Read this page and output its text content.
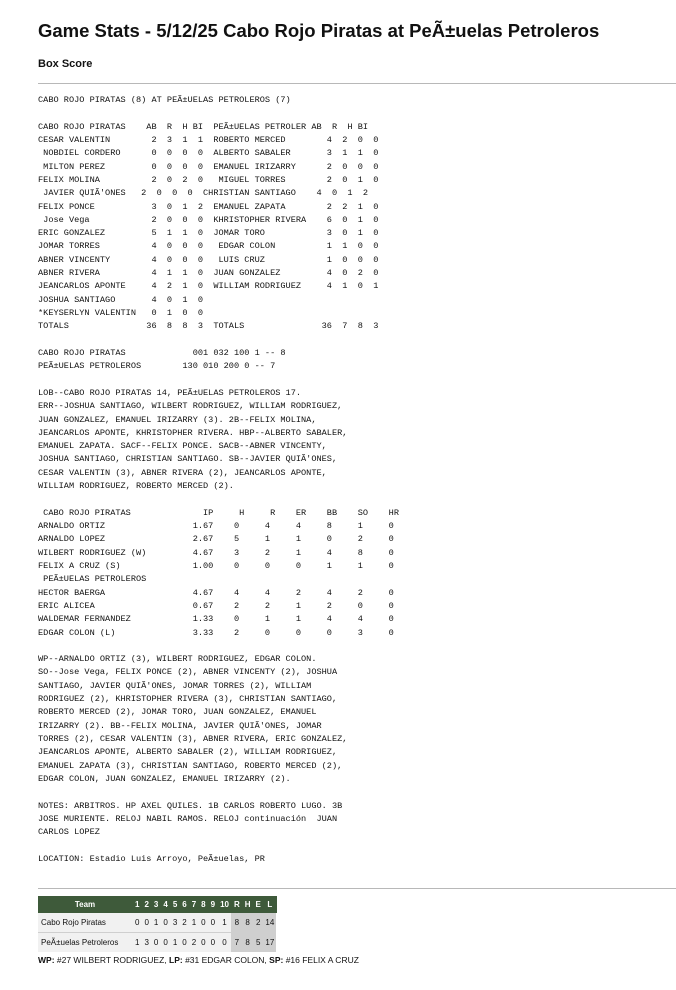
Game Stats - 5/12/25 Cabo Rojo Piratas at PeÃ±uelas Petroleros
Box Score
CABO ROJO PIRATAS (8) AT PEÃ±UELAS PETROLEROS (7)
CABO ROJO PIRATAS    AB  R  H BI  PEÃ±UELAS PETROLER AB  R  H BI
CESAR VALENTIN        2  3  1  1  ROBERTO MERCED        4  2  0  0
NOBDIEL CORDERO      0  0  0  0  ALBERTO SABALER       3  1  1  0
MILTON PEREZ         0  0  0  0  EMANUEL IRIZARRY      2  0  0  0
FELIX MOLINA          2  0  2  0   MIGUEL TORRES        2  0  1  0
JAVIER QUIÃ'ONES   2  0  0  0  CHRISTIAN SANTIAGO    4  0  1  2
FELIX PONCE           3  0  1  2  EMANUEL ZAPATA        2  2  1  0
Jose Vega            2  0  0  0  KHRISTOPHER RIVERA    6  0  1  0
ERIC GONZALEZ         5  1  1  0  JOMAR TORO            3  0  1  0
JOMAR TORRES          4  0  0  0   EDGAR COLON          1  1  0  0
ABNER VINCENTY        4  0  0  0   LUIS CRUZ            1  0  0  0
ABNER RIVERA          4  1  1  0  JUAN GONZALEZ         4  0  2  0
JEANCARLOS APONTE     4  2  1  0  WILLIAM RODRIGUEZ     4  1  0  1
JOSHUA SANTIAGO       4  0  1  0
*KEYSERLYN VALENTIN   0  1  0  0
TOTALS               36  8  8  3  TOTALS               36  7  8  3
CABO ROJO PIRATAS             001 032 100 1 -- 8
PEÃ±UELAS PETROLEROS        130 010 200 0 -- 7
LOB--CABO ROJO PIRATAS 14, PEÃ±UELAS PETROLEROS 17.
ERR--JOSHUA SANTIAGO, WILBERT RODRIGUEZ, WILLIAM RODRIGUEZ,
JUAN GONZALEZ, EMANUEL IRIZARRY (3). 2B--FELIX MOLINA,
JEANCARLOS APONTE, KHRISTOPHER RIVERA. HBP--ALBERTO SABALER,
EMANUEL ZAPATA. SACF--FELIX PONCE. SACB--ABNER VINCENTY,
JOSHUA SANTIAGO, CHRISTIAN SANTIAGO. SB--JAVIER QUIÃ'ONES,
CESAR VALENTIN (3), ABNER RIVERA (2), JEANCARLOS APONTE,
WILLIAM RODRIGUEZ, ROBERTO MERCED (2).
CABO ROJO PIRATAS              IP     H     R    ER    BB    SO    HR
ARNALDO ORTIZ                 1.67    0     4     4     8     1     0
ARNALDO LOPEZ                 2.67    5     1     1     0     2     0
WILBERT RODRIGUEZ (W)         4.67    3     2     1     4     8     0
FELIX A CRUZ (S)              1.00    0     0     0     1     1     0
PEÃ±UELAS PETROLEROS
HECTOR BAERGA                 4.67    4     4     2     4     2     0
ERIC ALICEA                   0.67    2     2     1     2     0     0
WALDEMAR FERNANDEZ            1.33    0     1     1     4     4     0
EDGAR COLON (L)               3.33    2     0     0     0     3     0
WP--ARNALDO ORTIZ (3), WILBERT RODRIGUEZ, EDGAR COLON.
SO--Jose Vega, FELIX PONCE (2), ABNER VINCENTY (2), JOSHUA
SANTIAGO, JAVIER QUIÃ'ONES, JOMAR TORRES (2), WILLIAM
RODRIGUEZ (2), KHRISTOPHER RIVERA (3), CHRISTIAN SANTIAGO,
ROBERTO MERCED (2), JOMAR TORO, JUAN GONZALEZ, EMANUEL
IRIZARRY (2). BB--FELIX MOLINA, JAVIER QUIÃ'ONES, JOMAR
TORRES (2), CESAR VALENTIN (3), ABNER RIVERA, ERIC GONZALEZ,
JEANCARLOS APONTE, ALBERTO SABALER (2), WILLIAM RODRIGUEZ,
EMANUEL ZAPATA (3), CHRISTIAN SANTIAGO, ROBERTO MERCED (2),
EDGAR COLON, JUAN GONZALEZ, EMANUEL IRIZARRY (2).
NOTES: ARBITROS. HP AXEL QUILES. 1B CARLOS ROBERTO LUGO. 3B
JOSE MURIENTE. RELOJ NABIL RAMOS. RELOJ continuación  JUAN
CARLOS LOPEZ
LOCATION: Estadio Luis Arroyo, PeÃ±uelas, PR
Team	1	2	3	4	5	6	7	8	9	10	R	H	E	L
Cabo Rojo Piratas	0	0	1	0	3	2	1	0	0	1	8	8	2	14
PeÃ±uelas Petroleros	1	3	0	0	1	0	2	0	0	0	7	8	5	17
WP: #27 WILBERT RODRIGUEZ, LP: #31 EDGAR COLON, SP: #16 FELIX A CRUZ
